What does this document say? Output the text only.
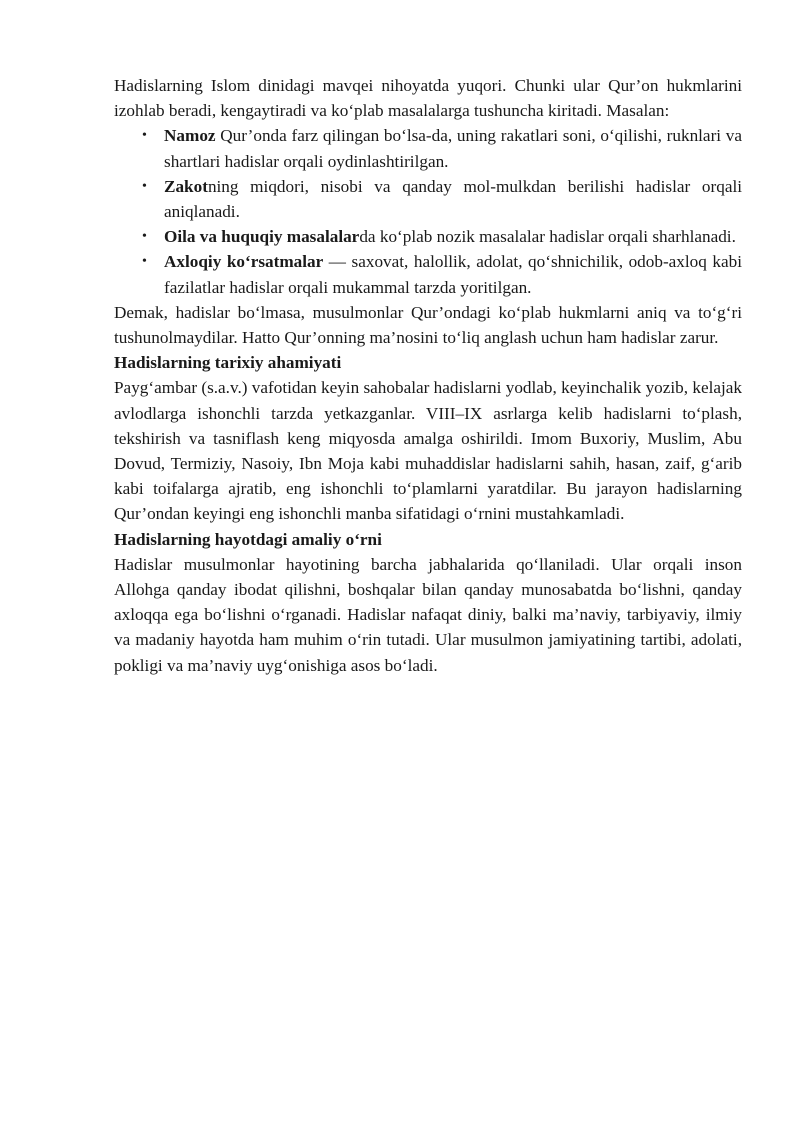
Hadislarning Islom dinidagi mavqei nihoyatda yuqori. Chunki ular Qur’on hukmlarini izohlab beradi, kengaytiradi va ko‘plab masalalarga tushuncha kiritadi. Masalan:

• Namoz Qur’onda farz qilingan bo‘lsa-da, uning rakatlari soni, o‘qilishi, ruknlari va shartlari hadislar orqali oydinlashtirilgan.
• Zakotning miqdori, nisobi va qanday mol-mulkdan berilishi hadislar orqali aniqlanadi.
• Oila va huquqiy masalalarda ko‘plab nozik masalalar hadislar orqali sharhlanadi.
• Axloqiy ko‘rsatmalar — saxovat, halollik, adolat, qo‘shnichilik, odob-axloq kabi fazilatlar hadislar orqali mukammal tarzda yoritilgan.

Demak, hadislar bo‘lmasa, musulmonlar Qur’ondagi ko‘plab hukmlarni aniq va to‘g‘ri tushunolmaydilar. Hatto Qur’onning ma’nosini to‘liq anglash uchun ham hadislar zarur.

Hadislarning tarixiy ahamiyati

Payg‘ambar (s.a.v.) vafotidan keyin sahobalar hadislarni yodlab, keyinchalik yozib, kelajak avlodlarga ishonchli tarzda yetkazganlar. VIII–IX asrlarga kelib hadislarni to‘plash, tekshirish va tasniflash keng miqyosda amalga oshirildi. Imom Buxoriy, Muslim, Abu Dovud, Termiziy, Nasoiy, Ibn Moja kabi muhaddislar hadislarni sahih, hasan, zaif, g‘arib kabi toifalarga ajratib, eng ishonchli to‘plamlarni yaratdilar. Bu jarayon hadislarning Qur’ondan keyingi eng ishonchli manba sifatidagi o‘rnini mustahkamladi.

Hadislarning hayotdagi amaliy o‘rni

Hadislar musulmonlar hayotining barcha jabhalarida qo‘llaniladi. Ular orqali inson Allohga qanday ibodat qilishni, boshqalar bilan qanday munosabatda bo‘lishni, qanday axloqqa ega bo‘lishni o‘rganadi. Hadislar nafaqat diniy, balki ma’naviy, tarbiyaviy, ilmiy va madaniy hayotda ham muhim o‘rin tutadi. Ular musulmon jamiyatining tartibi, adolati, pokligi va ma’naviy uyg‘onishiga asos bo‘ladi.
